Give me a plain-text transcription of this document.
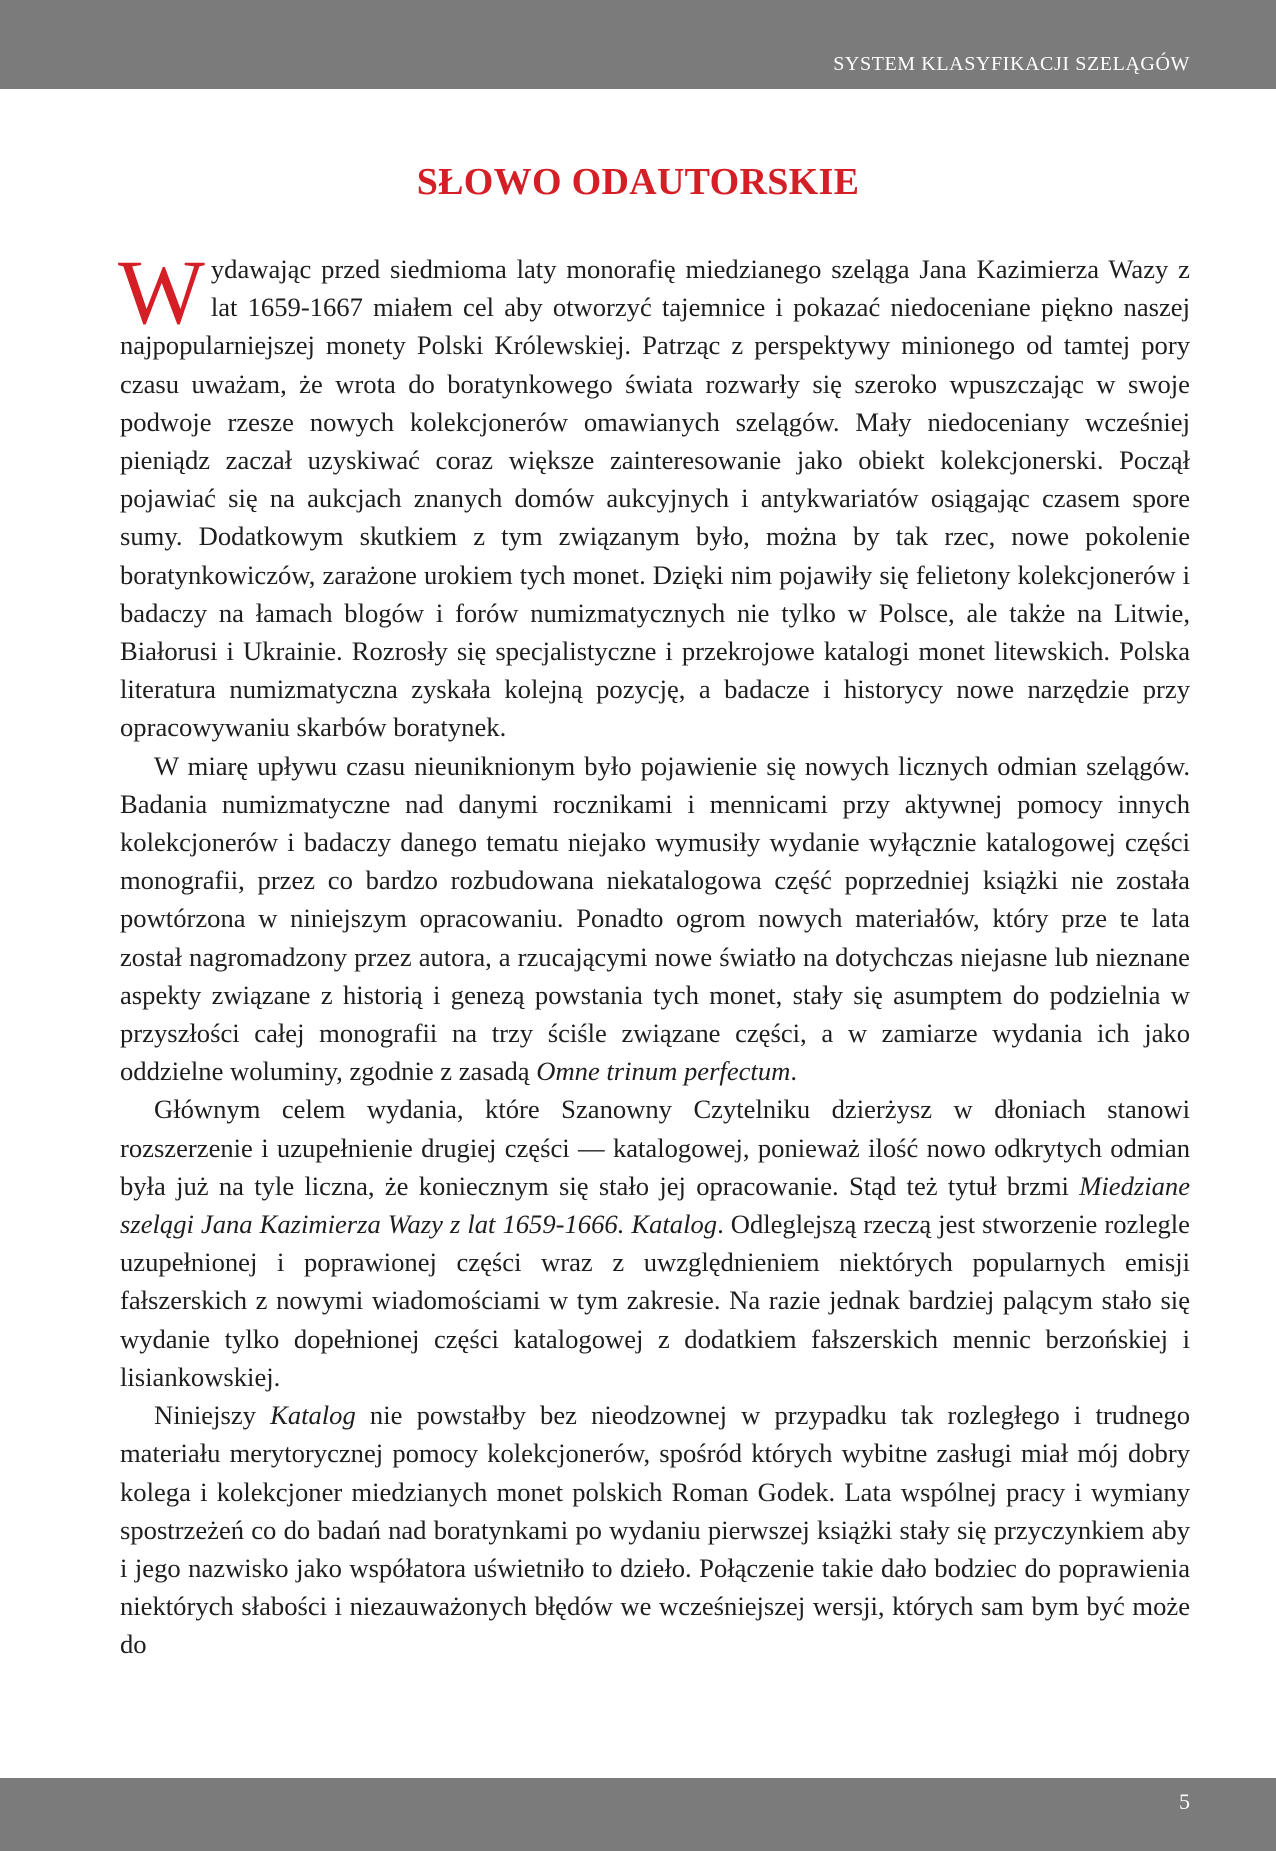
SYSTEM KLASYFIKACJI SZELĄGÓW
SŁOWO ODAUTORSKIE

Wydawając przed siedmioma laty monorafię miedzianego szeląga Jana Kazimierza Wazy z lat 1659-1667 miałem cel aby otworzyć tajemnice i pokazać niedoceniane piękno naszej najpopularniejszej monety Polski Królewskiej. Patrząc z perspektywy minionego od tamtej pory czasu uważam, że wrota do boratynkowego świata rozwarły się szeroko wpuszczając w swoje podwoje rzesze nowych kolekcjonerów omawianych szelągów. Mały niedoceniany wcześniej pieniądz zaczał uzyskiwać coraz większe zainteresowanie jako obiekt kolekcjonerski. Począł pojawiać się na aukcjach znanych domów aukcyjnych i antykwariatów osiągając czasem spore sumy. Dodatkowym skutkiem z tym związanym było, można by tak rzec, nowe pokolenie boratynkowiczów, zarażone urokiem tych monet. Dzięki nim pojawiły się felietony kolekcjonerów i badaczy na łamach blogów i forów numizmatycznych nie tylko w Polsce, ale także na Litwie, Białorusi i Ukrainie. Rozrosły się specjalistyczne i przekrojowe katalogi monet litewskich. Polska literatura numizmatyczna zyskała kolejną pozycję, a badacze i historycy nowe narzędzie przy opracowywaniu skarbów boratynek.

W miarę upływu czasu nieuniknionym było pojawienie się nowych licznych odmian szelągów. Badania numizmatyczne nad danymi rocznikami i mennicami przy aktywnej pomocy innych kolekcjonerów i badaczy danego tematu niejako wymusiły wydanie wyłącznie katalogowej części monografii, przez co bardzo rozbudowana niekatalogowa część poprzedniej książki nie została powtórzona w niniejszym opracowaniu. Ponadto ogrom nowych materiałów, który prze te lata został nagromadzony przez autora, a rzucającymi nowe światło na dotychczas niejasne lub nieznane aspekty związane z historią i genezą powstania tych monet, stały się asumptem do podzielnia w przyszłości całej monografii na trzy ściśle związane części, a w zamiarze wydania ich jako oddzielne woluminy, zgodnie z zasadą Omne trinum perfectum.

Głównym celem wydania, które Szanowny Czytelniku dzierżysz w dłoniach stanowi rozszerzenie i uzupełnienie drugiej części — katalogowej, ponieważ ilość nowo odkrytych odmian była już na tyle liczna, że koniecznym się stało jej opracowanie. Stąd też tytuł brzmi Miedziane szelągi Jana Kazimierza Wazy z lat 1659-1666. Katalog. Odleglejszą rzeczą jest stworzenie rozlegle uzupełnionej i poprawionej części wraz z uwzględnieniem niektórych popularnych emisji fałszerskich z nowymi wiadomościami w tym zakresie. Na razie jednak bardziej palącym stało się wydanie tylko dopełnionej części katalogowej z dodatkiem fałszerskich mennic berzońskiej i lisiankowskiej.

Niniejszy Katalog nie powstałby bez nieodzownej w przypadku tak rozległego i trudnego materiału merytorycznej pomocy kolekcjonerów, spośród których wybitne zasługi miał mój dobry kolega i kolekcjoner miedzianych monet polskich Roman Godek. Lata wspólnej pracy i wymiany spostrzeżeń co do badań nad boratynkami po wydaniu pierwszej książki stały się przyczynkiem aby i jego nazwisko jako współatora uświetniło to dzieło. Połączenie takie dało bodziec do poprawienia niektórych słabości i niezauważonych błędów we wcześniejszej wersji, których sam bym być może do

5
